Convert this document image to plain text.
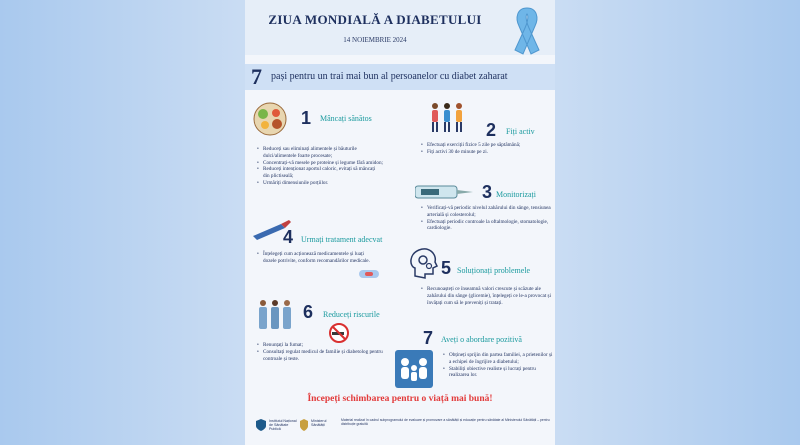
ZIUA MONDIALĂ A DIABETULUI
14 NOIEMBRIE 2024
7 pași pentru un trai mai bun al persoanelor cu diabet zaharat
1 Mâncați sănătos
• Reduceți sau eliminați alimentele și băuturile dulci/alimentele foarte procesate;
• Concentrați-vă mesele pe proteine și legume fără amidon;
• Reduceți intenționat aportul caloric, evitați să mâncați din plictiseală;
• Urmăriți dimensiunile porțiilor.
2 Fiți activ
• Efectuați exerciții fizice 5 zile pe săptămână;
• Fiți activi 30 de minute pe zi.
3 Monitorizați
• Verificați-vă periodic nivelul zahărului din sânge, tensiunea arterială și colesterolul;
• Efectuați periodic controale la oftalmologie, stomatologie, cardiologie.
4 Urmați tratament adecvat
• Înțelegeți cum acționează medicamentele și luați dozele potrivite, conform recomandărilor medicale.	5 Soluționați problemele
• Recunoașteți ce înseamnă valori crescute și scăzute ale zahărului din sânge (glicemie), înțelegeți ce le-a provocat și învățați cum să le preveniți și tratați.
6 Reduceți riscurile
• Renunțați la fumat;
• Consultați regulat medicul de familie și diabetolog pentru controale și teste.
7 Aveți o abordare pozitivă
• Obțineți sprijin din partea familiei, a prietenilor și a echipei de îngrijire a diabetului;
• Stabiliți obiective realiste și lucrați pentru realizarea lor.
Începeți schimbarea pentru o viață mai bună!
Institutul Național de Sănătate Publică
Ministerul Sănătății
Material realizat în cadrul subprogramului de evaluare și promovare a sănătății și educație pentru sănătate al Ministerului Sănătății – pentru distribuție gratuită
